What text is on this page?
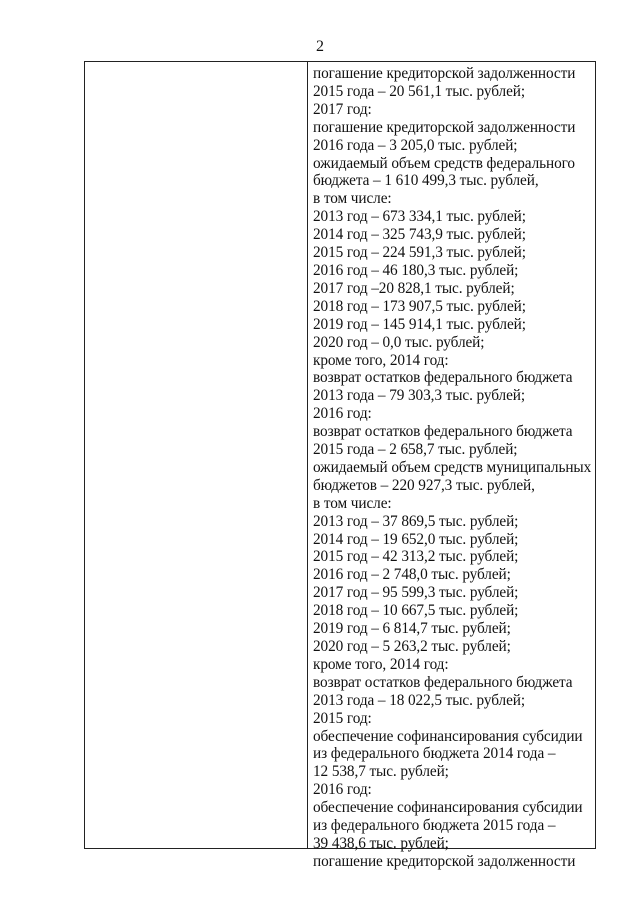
2
погашение кредиторской задолженности
2015 года – 20 561,1 тыс. рублей;
2017 год:
погашение кредиторской задолженности
2016 года – 3 205,0 тыс. рублей;
ожидаемый объем средств федерального
бюджета – 1 610 499,3 тыс. рублей,
в том числе:
2013 год – 673 334,1 тыс. рублей;
2014 год – 325 743,9 тыс. рублей;
2015 год – 224 591,3 тыс. рублей;
2016 год – 46 180,3 тыс. рублей;
2017 год –20 828,1 тыс. рублей;
2018 год – 173 907,5 тыс. рублей;
2019 год – 145 914,1 тыс. рублей;
2020 год – 0,0 тыс. рублей;
кроме того, 2014 год:
возврат остатков федерального бюджета
2013 года – 79 303,3 тыс. рублей;
2016 год:
возврат остатков федерального бюджета
2015 года – 2 658,7 тыс. рублей;
ожидаемый объем средств муниципальных
бюджетов – 220 927,3 тыс. рублей,
в том числе:
2013 год – 37 869,5 тыс. рублей;
2014 год – 19 652,0 тыс. рублей;
2015 год – 42 313,2 тыс. рублей;
2016 год – 2 748,0 тыс. рублей;
2017 год – 95 599,3 тыс. рублей;
2018 год – 10 667,5 тыс. рублей;
2019 год – 6 814,7 тыс. рублей;
2020 год – 5 263,2 тыс. рублей;
кроме того, 2014 год:
возврат остатков федерального бюджета
2013 года – 18 022,5 тыс. рублей;
2015 год:
обеспечение софинансирования субсидии
из федерального бюджета 2014 года –
12 538,7 тыс. рублей;
2016 год:
обеспечение софинансирования субсидии
из федерального бюджета 2015 года –
39 438,6 тыс. рублей;
погашение кредиторской задолженности
